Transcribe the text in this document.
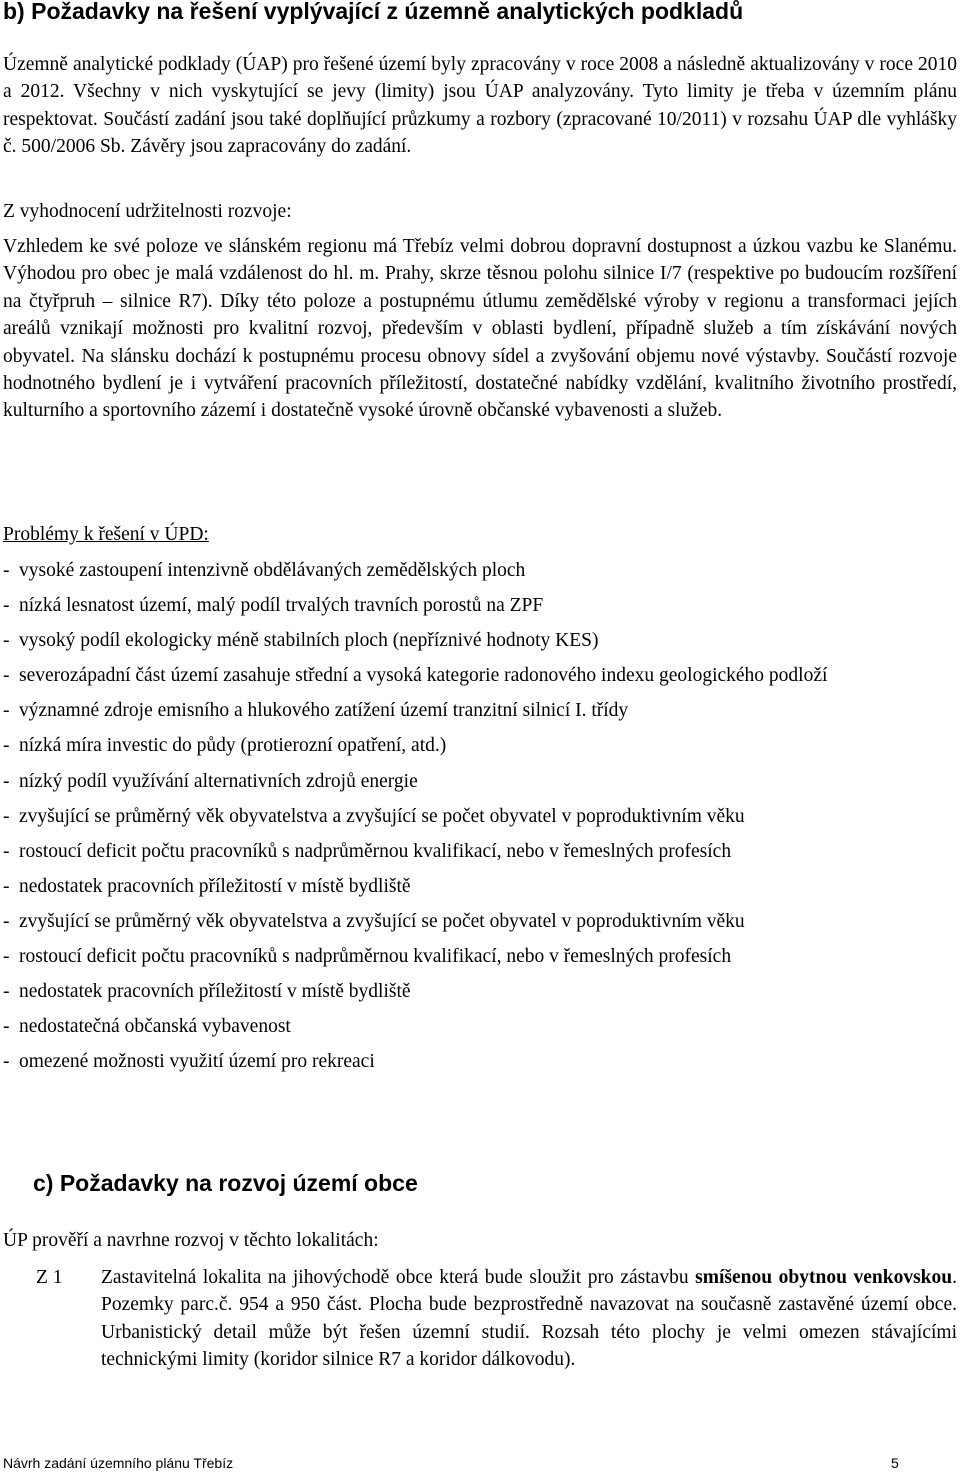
b) Požadavky na řešení vyplývající z územně analytických podkladů

Územně analytické podklady (ÚAP) pro řešené území byly zpracovány v roce 2008 a následně aktualizovány v roce 2010 a 2012. Všechny v nich vyskytující se jevy (limity) jsou ÚAP analyzovány. Tyto limity je třeba v územním plánu respektovat. Součástí zadání jsou také doplňující průzkumy a rozbory (zpracované 10/2011) v rozsahu ÚAP dle vyhlášky č. 500/2006 Sb. Závěry jsou zapracovány do zadání.

Z vyhodnocení udržitelnosti rozvoje:

Vzhledem ke své poloze ve slánském regionu má Třebíz velmi dobrou dopravní dostupnost a úzkou vazbu ke Slanému. Výhodou pro obec je malá vzdálenost do hl. m. Prahy, skrze těsnou polohu silnice I/7 (respektive po budoucím rozšíření na čtyřpruh – silnice R7). Díky této poloze a postupnému útlumu zemědělské výroby v regionu a transformaci jejích areálů vznikají možnosti pro kvalitní rozvoj, především v oblasti bydlení, případně služeb a tím získávání nových obyvatel. Na slánsku dochází k postupnému procesu obnovy sídel a zvyšování objemu nové výstavby. Součástí rozvoje hodnotného bydlení je i vytváření pracovních příležitostí, dostatečné nabídky vzdělání, kvalitního životního prostředí, kulturního a sportovního zázemí i dostatečně vysoké úrovně občanské vybavenosti a služeb.

Problémy k řešení v ÚPD:

- vysoké zastoupení intenzivně obdělávaných zemědělských ploch
- nízká lesnatost území, malý podíl trvalých travních porostů na ZPF
- vysoký podíl ekologicky méně stabilních ploch (nepříznivé hodnoty KES)
- severozápadní část území zasahuje střední a vysoká kategorie radonového indexu geologického podloží
- významné zdroje emisního a hlukového zatížení území tranzitní silnicí I. třídy
- nízká míra investic do půdy (protierozní opatření, atd.)
- nízký podíl využívání alternativních zdrojů energie
- zvyšující se průměrný věk obyvatelstva a zvyšující se počet obyvatel v poproduktivním věku
- rostoucí deficit počtu pracovníků s nadprůměrnou kvalifikací, nebo v řemeslných profesích
- nedostatek pracovních příležitostí v místě bydliště
- zvyšující se průměrný věk obyvatelstva a zvyšující se počet obyvatel v poproduktivním věku
- rostoucí deficit počtu pracovníků s nadprůměrnou kvalifikací, nebo v řemeslných profesích
- nedostatek pracovních příležitostí v místě bydliště
- nedostatečná občanská vybavenost
- omezené možnosti využití území pro rekreaci
c) Požadavky na rozvoj území obce

ÚP prověří a navrhne rozvoj v těchto lokalitách:

Z 1 Zastavitelná lokalita na jihovýchodě obce která bude sloužit pro zástavbu smíšenou obytnou venkovskou. Pozemky parc.č. 954 a 950 část. Plocha bude bezprostředně navazovat na současně zastavěné území obce. Urbanistický detail může být řešen územní studií. Rozsah této plochy je velmi omezen stávajícími technickými limity (koridor silnice R7 a koridor dálkovodu).

Návrh zadání územního plánu Třebíz	5
